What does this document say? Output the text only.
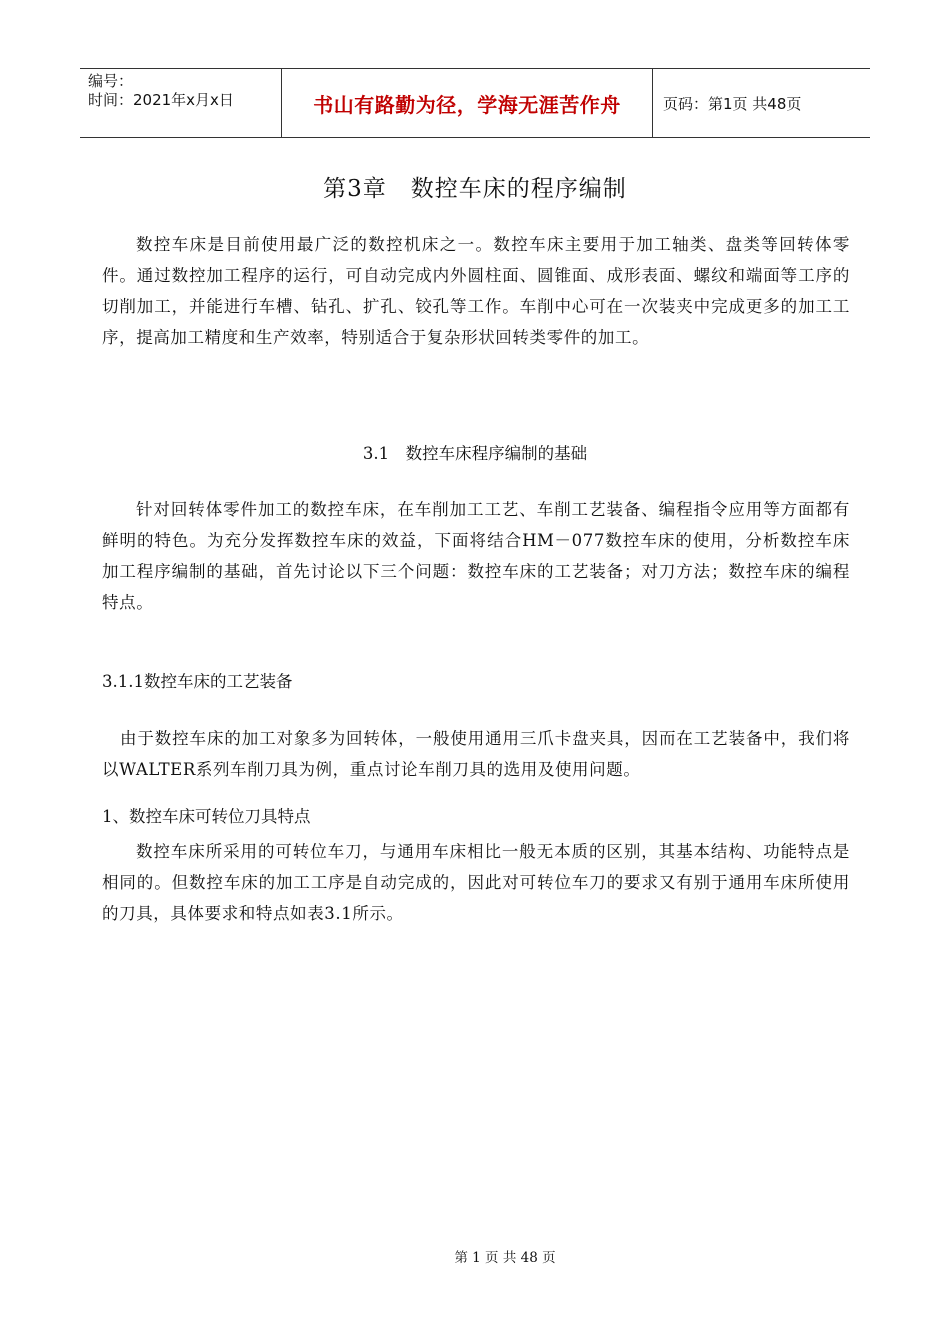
编号：
时间：2021年x月x日	书山有路勤为径，学海无涯苦作舟	页码：第1页 共48页
第3章　数控车床的程序编制

数控车床是目前使用最广泛的数控机床之一。数控车床主要用于加工轴类、盘类等回转体零件。通过数控加工程序的运行，可自动完成内外圆柱面、圆锥面、成形表面、螺纹和端面等工序的切削加工，并能进行车槽、钻孔、扩孔、铰孔等工作。车削中心可在一次装夹中完成更多的加工工序，提高加工精度和生产效率，特别适合于复杂形状回转类零件的加工。

3.1　数控车床程序编制的基础

针对回转体零件加工的数控车床，在车削加工工艺、车削工艺装备、编程指令应用等方面都有鲜明的特色。为充分发挥数控车床的效益，下面将结合HM－077数控车床的使用，分析数控车床加工程序编制的基础，首先讨论以下三个问题：数控车床的工艺装备；对刀方法；数控车床的编程特点。

3.1.1数控车床的工艺装备

由于数控车床的加工对象多为回转体，一般使用通用三爪卡盘夹具，因而在工艺装备中，我们将以WALTER系列车削刀具为例，重点讨论车削刀具的选用及使用问题。

1、数控车床可转位刀具特点

数控车床所采用的可转位车刀，与通用车床相比一般无本质的区别，其基本结构、功能特点是相同的。但数控车床的加工工序是自动完成的，因此对可转位车刀的要求又有别于通用车床所使用的刀具，具体要求和特点如表3.1所示。

第 1 页 共 48 页
